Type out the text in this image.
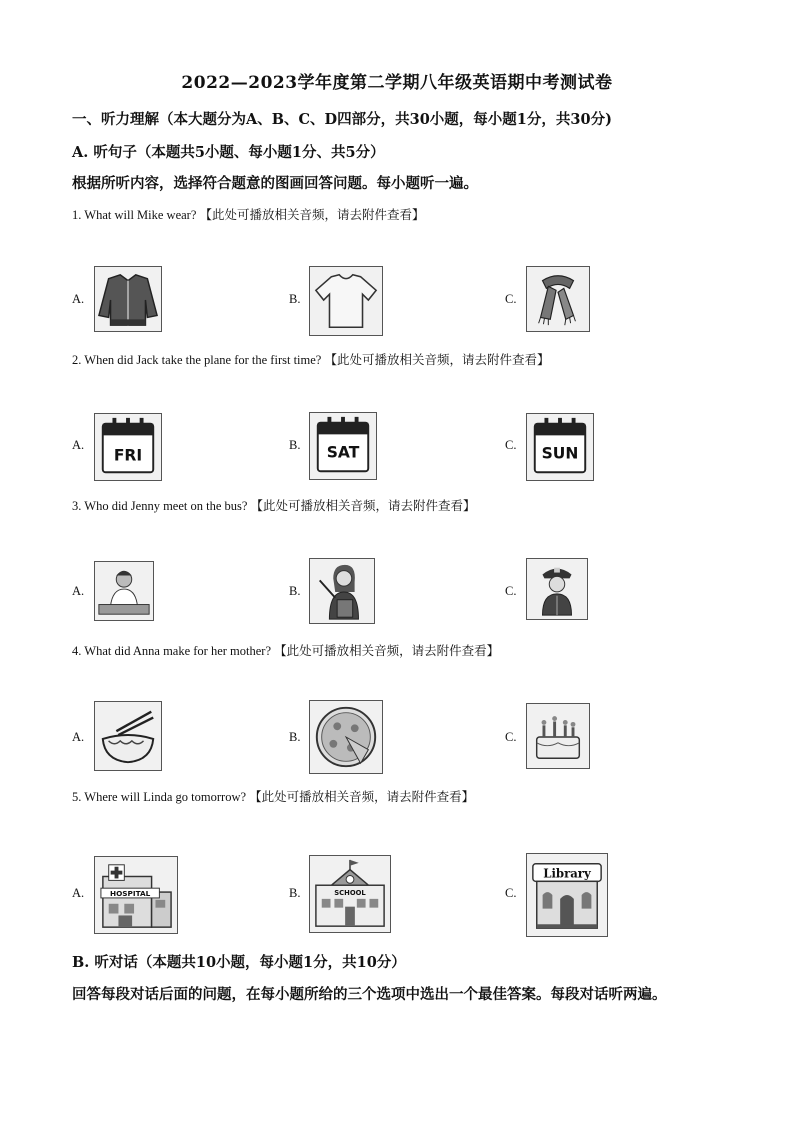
2022—2023学年度第二学期八年级英语期中考测试卷
一、听力理解（本大题分为A、B、C、D四部分，共30小题，每小题1分，共30分)
A. 听句子（本题共5小题、每小题1分、共5分）
根据所听内容，选择符合题意的图画回答问题。每小题听一遍。
1. What will Mike wear? 【此处可播放相关音频，请去附件查看】
A.	B.	C.
2. When did Jack take the plane for the first time? 【此处可播放相关音频，请去附件查看】
A.
FRI
B. SAT	C. SUN
3. Who did Jenny meet on the bus? 【此处可播放相关音频，请去附件查看】
A.	B.	C.
4. What did Anna make for her mother? 【此处可播放相关音频，请去附件查看】
A.	B.	C.
5. Where will Linda go tomorrow? 【此处可播放相关音频，请去附件查看】
A.	HOSPITAL	B.	SCHOOL	C.
Library
B. 听对话（本题共10小题，每小题1分，共10分）
回答每段对话后面的问题，在每小题所给的三个选项中选出一个最佳答案。每段对话听两遍。
